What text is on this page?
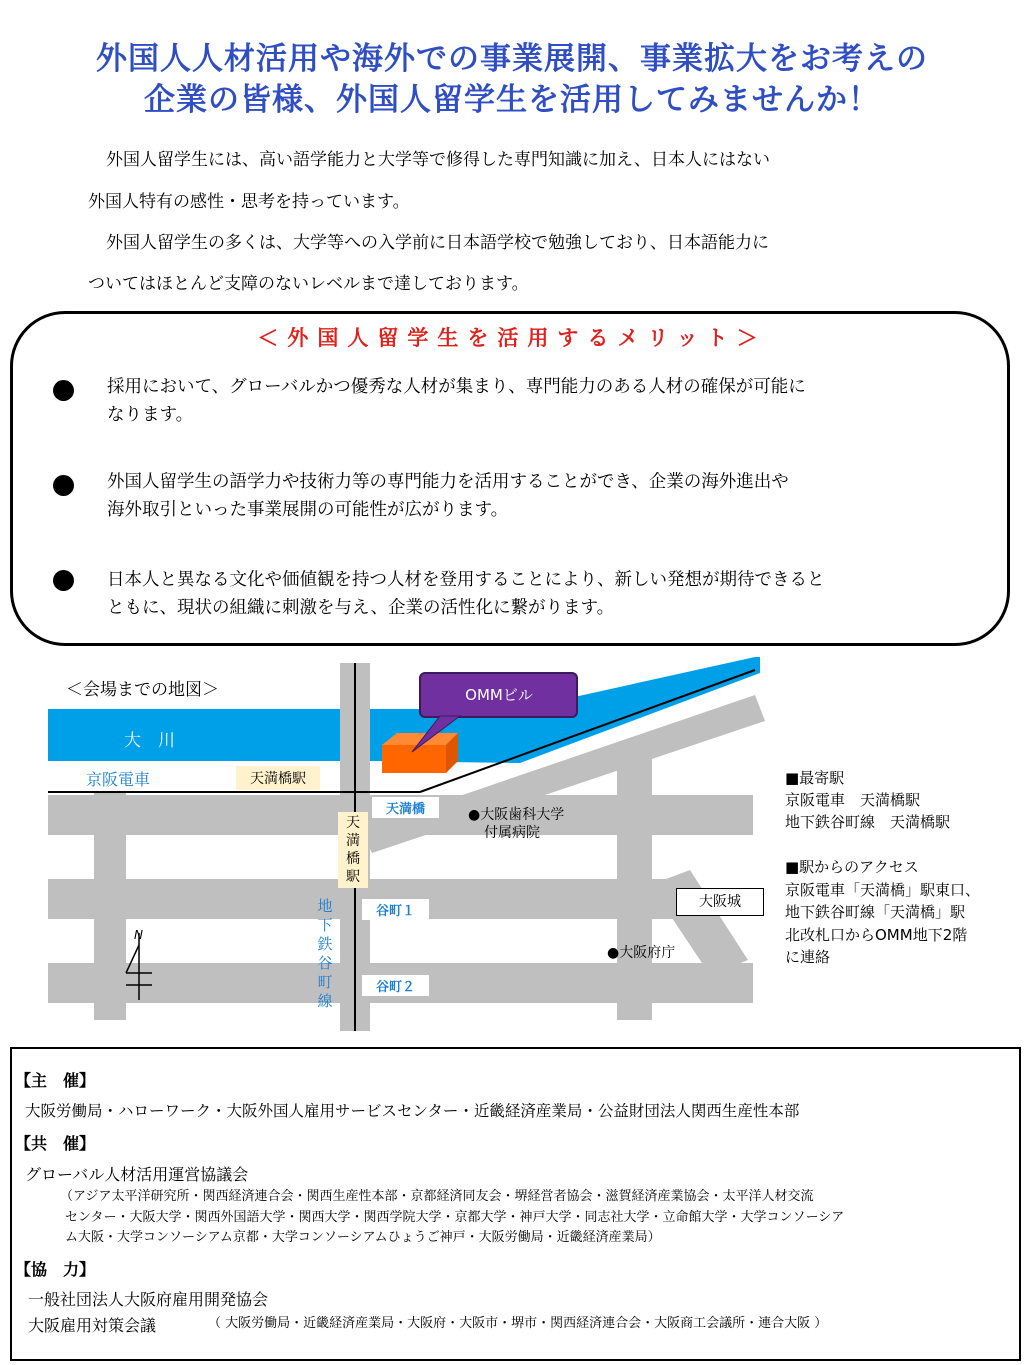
外国人人材活用や海外での事業展開、事業拡大をお考えの
企業の皆様、外国人留学生を活用してみませんか！
外国人留学生には、高い語学能力と大学等で修得した専門知識に加え、日本人にはない
外国人特有の感性・思考を持っています。
外国人留学生の多くは、大学等への入学前に日本語学校で勉強しており、日本語能力に
ついてはほとんど支障のないレベルまで達しております。
＜外国人留学生を活用するメリット＞
採用において、グローバルかつ優秀な人材が集まり、専門能力のある人材の確保が可能に
なります。
外国人留学生の語学力や技術力等の専門能力を活用することができ、企業の海外進出や
海外取引といった事業展開の可能性が広がります。
日本人と異なる文化や価値観を持つ人材を登用することにより、新しい発想が期待できると
ともに、現状の組織に刺激を与え、企業の活性化に繋がります。
＜会場までの地図＞
大　川
京阪電車	天満橋駅
天
満
橋
駅
地
下
鉄
谷
町
線
天満橋
谷町１
谷町２
OMMビル
●大阪歯科大学
付属病院
大阪城
●大阪府庁
N
■最寄駅
京阪電車　天満橋駅
地下鉄谷町線　天満橋駅
■駅からのアクセス
京阪電車「天満橋」駅東口、
地下鉄谷町線「天満橋」駅
北改札口からOMM地下2階
に連絡
【主　催】
大阪労働局・ハローワーク・大阪外国人雇用サービスセンター・近畿経済産業局・公益財団法人関西生産性本部
【共　催】
グローバル人材活用運営協議会
（アジア太平洋研究所・関西経済連合会・関西生産性本部・京都経済同友会・堺経営者協会・滋賀経済産業協会・太平洋人材交流
センター・大阪大学・関西外国語大学・関西大学・関西学院大学・京都大学・神戸大学・同志社大学・立命館大学・大学コンソーシア
ム大阪・大学コンソーシアム京都・大学コンソーシアムひょうご神戸・大阪労働局・近畿経済産業局）
【協　力】
一般社団法人大阪府雇用開発協会
大阪雇用対策会議	（ 大阪労働局・近畿経済産業局・大阪府・大阪市・堺市・関西経済連合会・大阪商工会議所・連合大阪 ）
